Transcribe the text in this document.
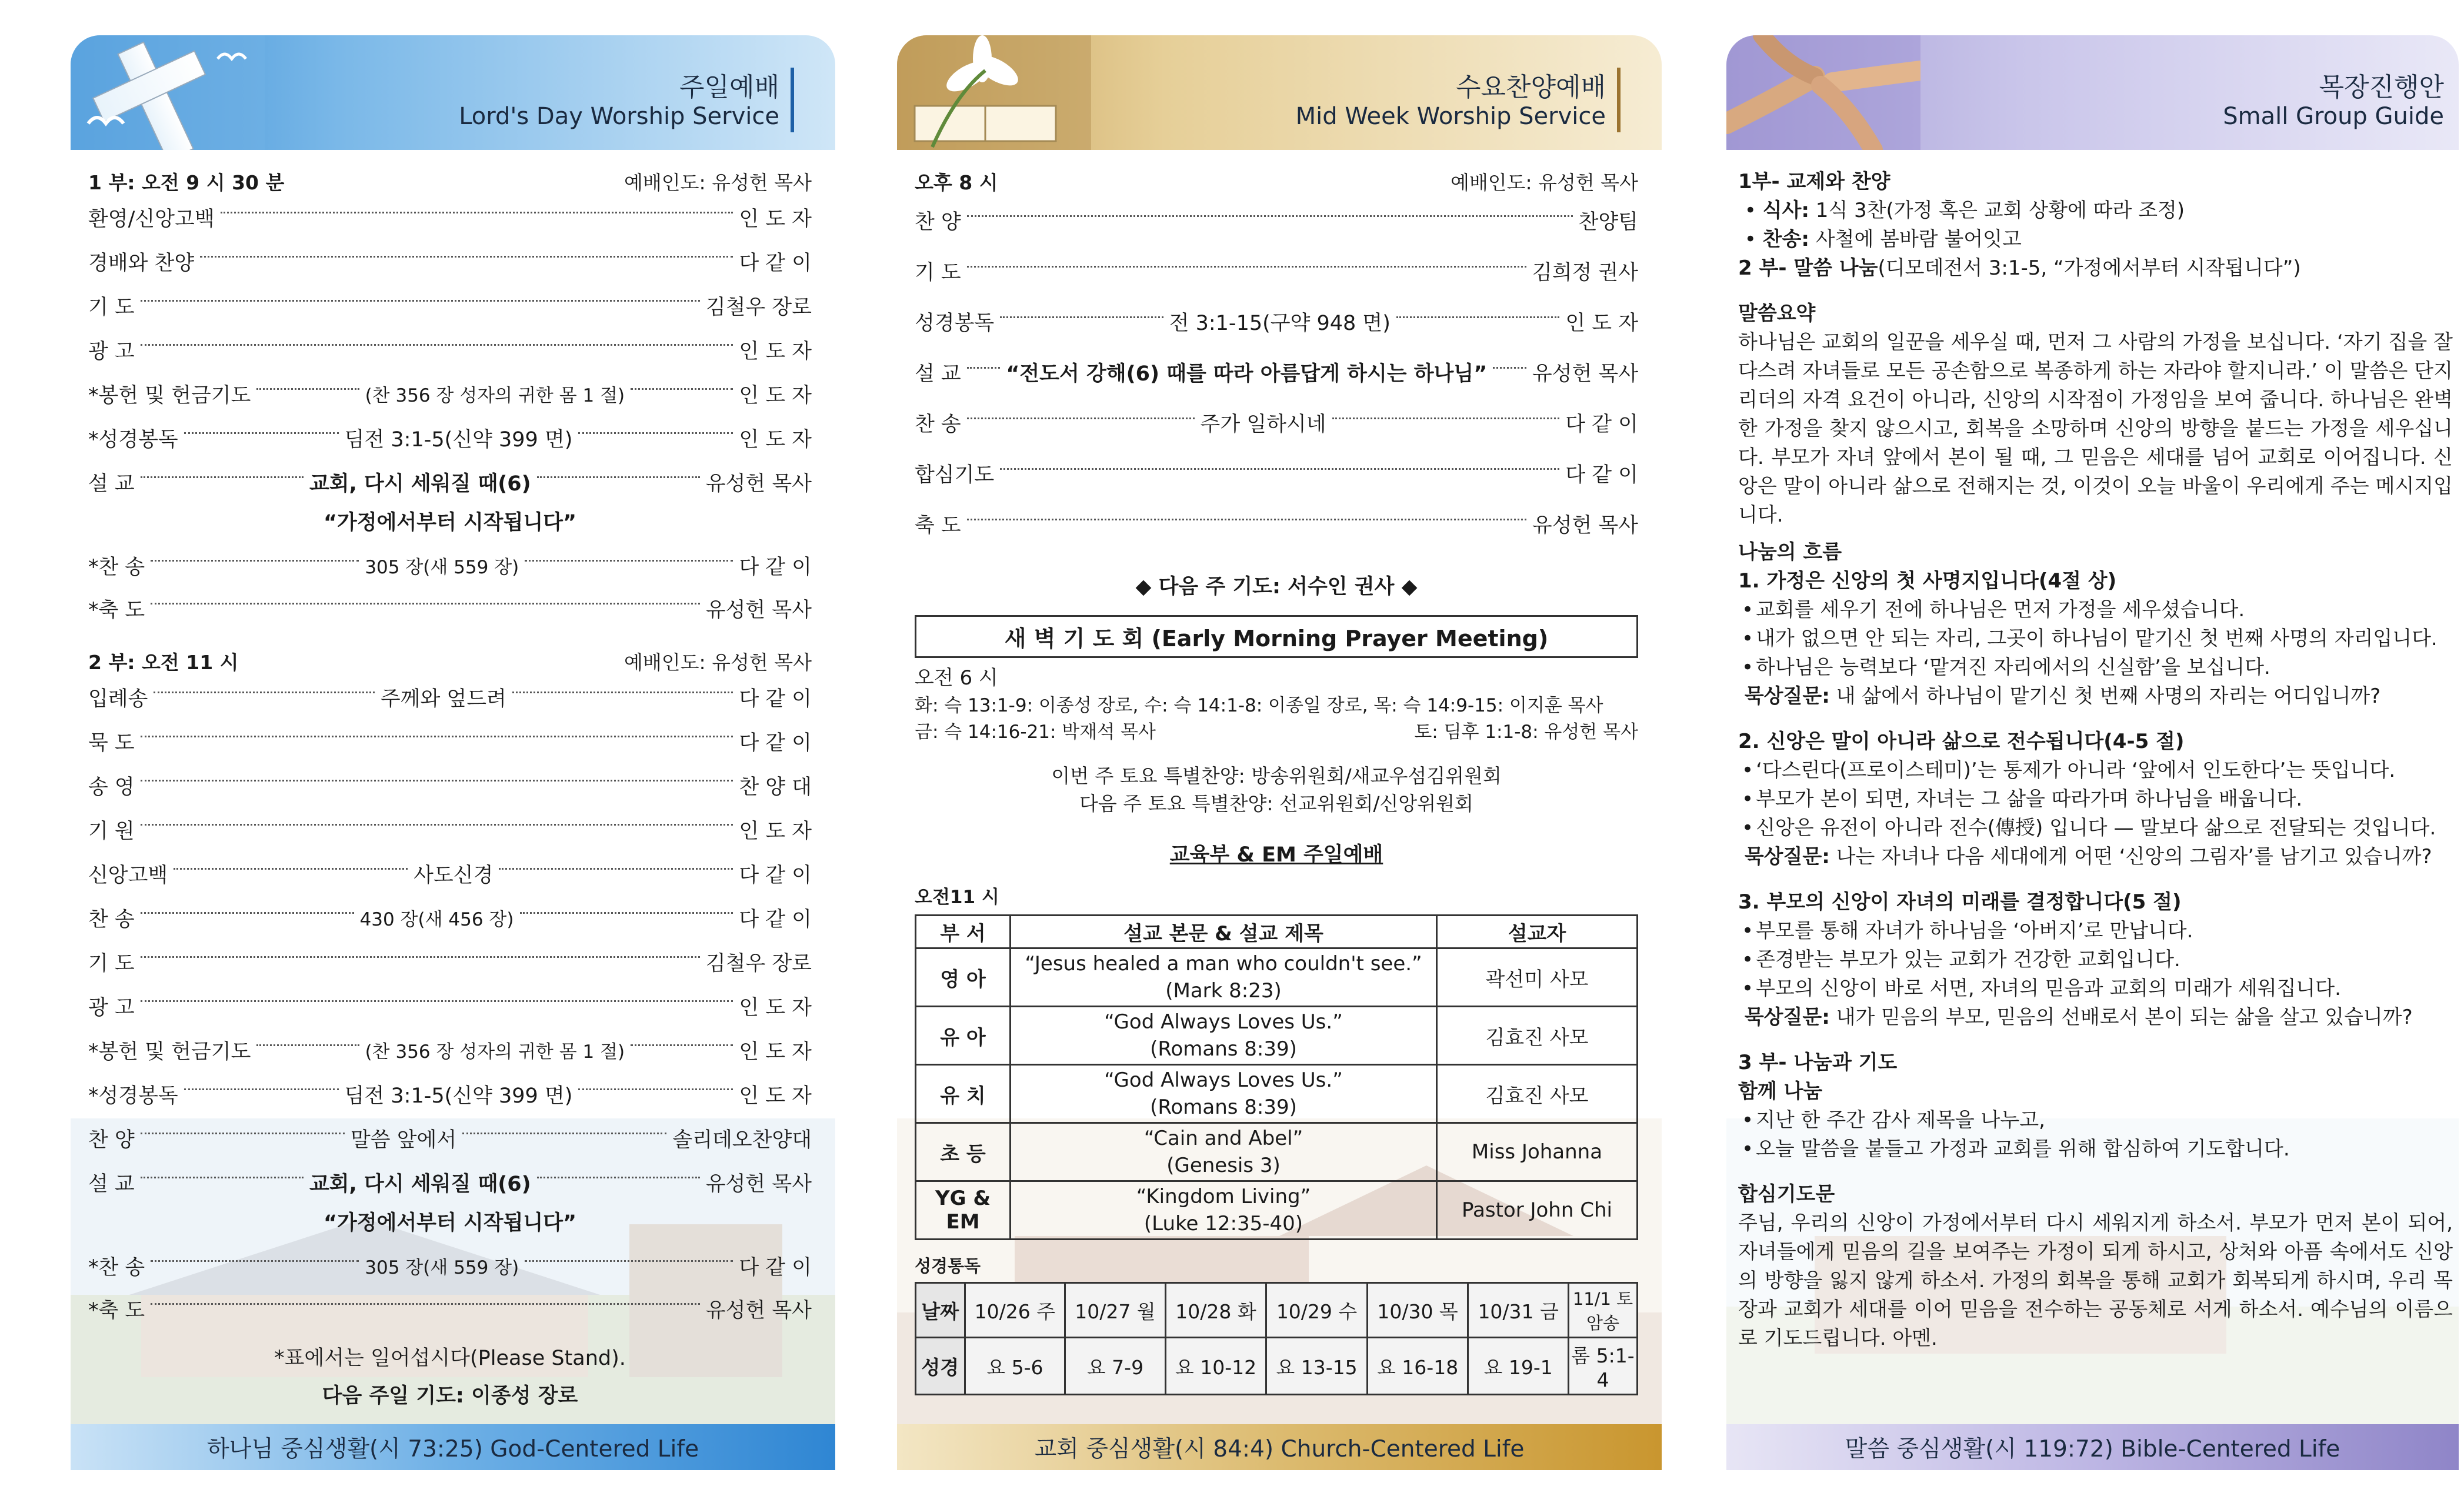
주일예배
Lord's Day Worship Service
1 부: 오전 9 시 30 분	예배인도: 유성헌 목사
환영/신앙고백	인 도 자
경배와 찬양	다 같 이
기 도	김철우 장로
광 고	인 도 자
*봉헌 및 헌금기도	(찬 356 장 성자의 귀한 몸 1 절)	인 도 자
*성경봉독	딤전 3:1-5(신약 399 면)	인 도 자
설 교	교회, 다시 세워질 때(6)	유성헌 목사
“가정에서부터 시작됩니다”
*찬 송	305 장(새 559 장)	다 같 이
*축 도	유성헌 목사
2 부: 오전 11 시	예배인도: 유성헌 목사
입례송	주께와 엎드려	다 같 이
묵 도	다 같 이
송 영	찬 양 대
기 원	인 도 자
신앙고백	사도신경	다 같 이
찬 송	430 장(새 456 장)	다 같 이
기 도	김철우 장로
광 고	인 도 자
*봉헌 및 헌금기도	(찬 356 장 성자의 귀한 몸 1 절)	인 도 자
*성경봉독	딤전 3:1-5(신약 399 면)	인 도 자
찬 양	말씀 앞에서	솔리데오찬양대
설 교	교회, 다시 세워질 때(6)	유성헌 목사
“가정에서부터 시작됩니다”
*찬 송	305 장(새 559 장)	다 같 이
*축 도	유성헌 목사
*표에서는 일어섭시다(Please Stand).
다음 주일 기도: 이종성 장로
하나님 중심생활(시 73:25) God-Centered Life
수요찬양예배
Mid Week Worship Service
오후 8 시	예배인도: 유성헌 목사
찬 양	찬양팀
기 도	김희정 권사
성경봉독	전 3:1-15(구약 948 면)	인 도 자
설 교 “전도서 강해(6) 때를 따라 아름답게 하시는 하나님” 유성헌 목사
찬 송	주가 일하시네	다 같 이
합심기도	다 같 이
축 도	유성헌 목사
◆ 다음 주 기도: 서수인 권사 ◆
새 벽 기 도 회 (Early Morning Prayer Meeting)
오전 6 시
화: 슥 13:1-9: 이종성 장로, 수: 슥 14:1-8: 이종일 장로, 목: 슥 14:9-15: 이지훈 목사
금: 슥 14:16-21: 박재석 목사	토: 딤후 1:1-8: 유성헌 목사
이번 주 토요 특별찬양: 방송위원회/새교우섬김위원회
다음 주 토요 특별찬양: 선교위원회/신앙위원회
교육부 & EM 주일예배
오전11 시
부 서	설교 본문 & 설교 제목	설교자
영 아	“Jesus healed a man who couldn't see.”
(Mark 8:23)	곽선미 사모
유 아	“God Always Loves Us.”
(Romans 8:39)	김효진 사모
유 치	“God Always Loves Us.”
(Romans 8:39)	김효진 사모
초 등	“Cain and Abel”
(Genesis 3)	Miss Johanna
YG & EM	“Kingdom Living”
(Luke 12:35-40)	Pastor John Chi
성경통독
날짜	10/26 주	10/27 월	10/28 화	10/29 수	10/30 목	10/31 금	11/1 토 암송
성경	요 5-6	요 7-9	요 10-12	요 13-15	요 16-18	요 19-1	롬 5:1-4
교회 중심생활(시 84:4) Church-Centered Life
목장진행안
Small Group Guide
1부- 교제와 찬양
• 식사: 1식 3찬(가정 혹은 교회 상황에 따라 조정)
• 찬송: 사철에 봄바람 불어잇고
2 부- 말씀 나눔(디모데전서 3:1-5, “가정에서부터 시작됩니다”)
말씀요약
하나님은 교회의 일꾼을 세우실 때, 먼저 그 사람의 가정을 보십니다. ‘자기 집을 잘 다스려 자녀들로 모든 공손함으로 복종하게 하는 자라야 할지니라.’ 이 말씀은 단지 리더의 자격 요건이 아니라, 신앙의 시작점이 가정임을 보여 줍니다. 하나님은 완벽한 가정을 찾지 않으시고, 회복을 소망하며 신앙의 방향을 붙드는 가정을 세우십니다. 부모가 자녀 앞에서 본이 될 때, 그 믿음은 세대를 넘어 교회로 이어집니다. 신앙은 말이 아니라 삶으로 전해지는 것, 이것이 오늘 바울이 우리에게 주는 메시지입니다.
나눔의 흐름
1. 가정은 신앙의 첫 사명지입니다(4절 상)
• 교회를 세우기 전에 하나님은 먼저 가정을 세우셨습니다.
• 내가 없으면 안 되는 자리, 그곳이 하나님이 맡기신 첫 번째 사명의 자리입니다.
• 하나님은 능력보다 ‘맡겨진 자리에서의 신실함’을 보십니다.
묵상질문: 내 삶에서 하나님이 맡기신 첫 번째 사명의 자리는 어디입니까?
2. 신앙은 말이 아니라 삶으로 전수됩니다(4-5 절)
• ‘다스린다(프로이스테미)’는 통제가 아니라 ‘앞에서 인도한다’는 뜻입니다.
• 부모가 본이 되면, 자녀는 그 삶을 따라가며 하나님을 배웁니다.
• 신앙은 유전이 아니라 전수(傳授) 입니다 — 말보다 삶으로 전달되는 것입니다.
묵상질문: 나는 자녀나 다음 세대에게 어떤 ‘신앙의 그림자’를 남기고 있습니까?
3. 부모의 신앙이 자녀의 미래를 결정합니다(5 절)
• 부모를 통해 자녀가 하나님을 ‘아버지’로 만납니다.
• 존경받는 부모가 있는 교회가 건강한 교회입니다.
• 부모의 신앙이 바로 서면, 자녀의 믿음과 교회의 미래가 세워집니다.
묵상질문: 내가 믿음의 부모, 믿음의 선배로서 본이 되는 삶을 살고 있습니까?
3 부- 나눔과 기도
함께 나눔
• 지난 한 주간 감사 제목을 나누고,
• 오늘 말씀을 붙들고 가정과 교회를 위해 합심하여 기도합니다.
합심기도문
주님, 우리의 신앙이 가정에서부터 다시 세워지게 하소서. 부모가 먼저 본이 되어, 자녀들에게 믿음의 길을 보여주는 가정이 되게 하시고, 상처와 아픔 속에서도 신앙의 방향을 잃지 않게 하소서. 가정의 회복을 통해 교회가 회복되게 하시며, 우리 목장과 교회가 세대를 이어 믿음을 전수하는 공동체로 서게 하소서. 예수님의 이름으로 기도드립니다. 아멘.
말씀 중심생활(시 119:72) Bible-Centered Life
